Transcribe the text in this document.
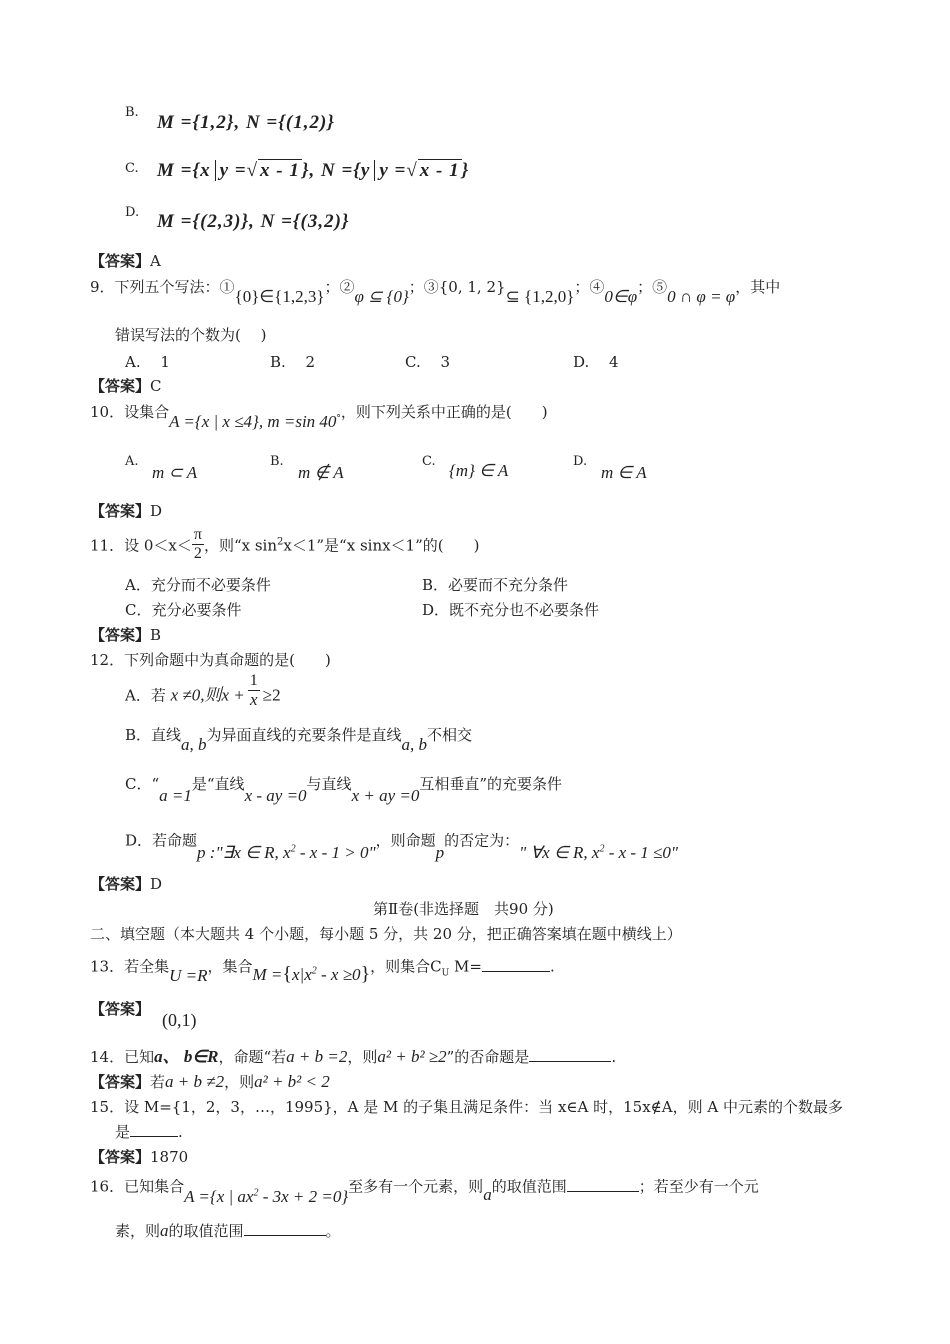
B. M ={1,2}, N ={(1,2)}
C. M ={x y =√ x - 1 }, N ={y y =√ x - 1 }
D. M ={(2,3)}, N ={(3,2)}
【答案】A
9．下列五个写法：①{0}∈{1,2,3}；②φ ⊆ {0}；③{0, 1, 2}⊆ {1,2,0}；④0∈φ；⑤0 ∩ φ = φ，其中
错误写法的个数为(　 )
A.　 1	B.　 2	C.　 3	D.　 4
【答案】C
10．设集合A ={x | x ≤4}, m =sin $40^\circ$，则下列关系中正确的是(　　)
A.
m ⊂ A
B.
m ∉ A
C. {m} ∈ A	D.
m ∈ A
【答案】D
11．设 $0<x< \frac{\pi}{2}$ ，则“x $\sin^2x<1$”是“x sinx＜1”的(　　)
A．充分而不必要条件	B．必要而不充分条件
C．充分必要条件	D．既不充分也不必要条件
【答案】B
12．下列命题中为真命题的是(　　)
A．若 x ≠0,则$x + \frac{1}{x} \ge 2$
B．直线a, b为异面直线的充要条件是直线a, b不相交
C．“a =1是“直线x - ay =0与直线x + ay =0互相垂直”的充要条件
D．若命题p :"∃x ∈ R, $x^2 - x - 1 > 0$"，则命题p的否定为：" ∀x ∈ R, $x^2 - x - 1 \le 0$"
【答案】D
第Ⅱ卷(非选择题　共90 分)
二、填空题（本大题共 4 个小题，每小题 5 分，共 20 分，把正确答案填在题中横线上）
13．若全集U =R，集合$M =\{x|x^2 - x \ge 0\}$，则集合$C_U$ M=	.
【答案】
(0,1)
14．已知a、 b∈R，命题“若a + b =2，则a² + b² ≥2”的否命题是	.
【答案】若a + b ≠2，则a² + b² < 2
15．设 M={1，2，3，…，1995}，A 是 M 的子集且满足条件：当 x∈A 时，15x∉A，则 A 中元素的个数最多
是	.
【答案】1870
16．已知集合A ={x | $ax^2 - 3x + 2 =0$}至多有一个元素，则a的取值范围	；若至少有一个元
素，则a的取值范围	。
